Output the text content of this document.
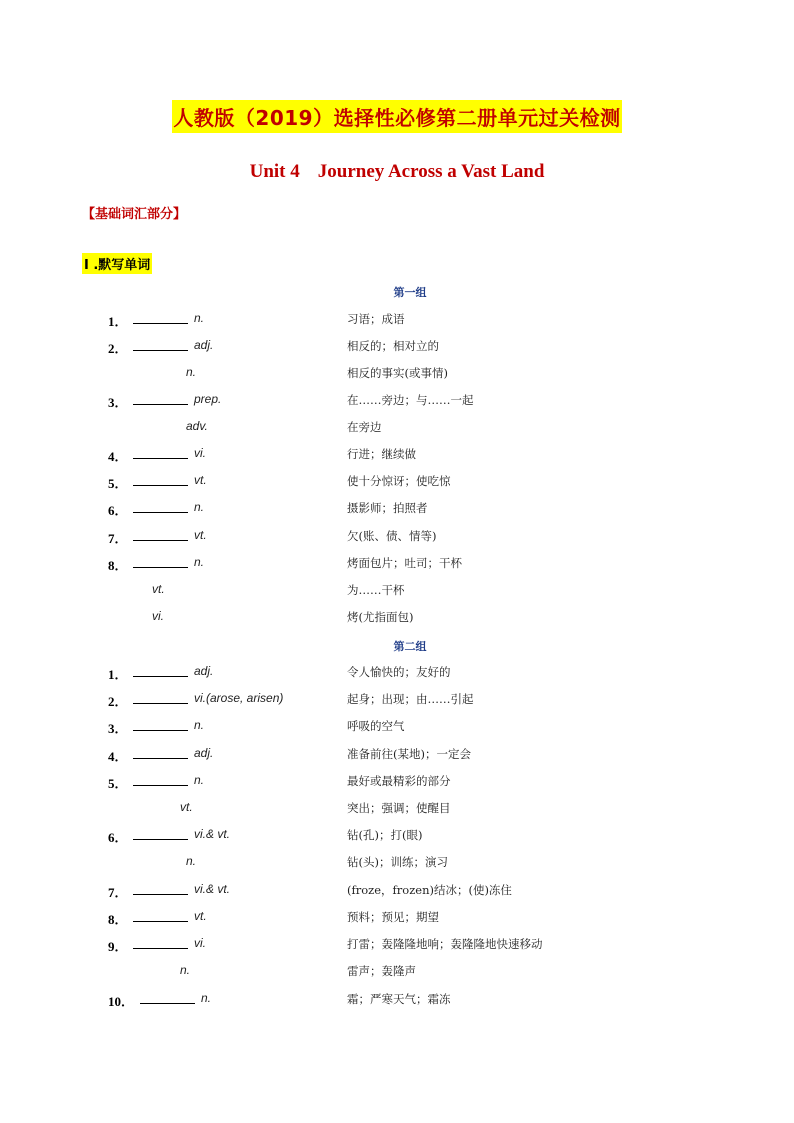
人教版（2019）选择性必修第二册单元过关检测
Unit 4 Journey Across a Vast Land
【基础词汇部分】
I .默写单词
第一组
1．	n.	习语；成语
2．	adj.	相反的；相对立的
n.	相反的事实(或事情)
3．	prep.	在……旁边；与……一起
adv.	在旁边
4．	vi.	行进；继续做
5．	vt.	使十分惊讶；使吃惊
6．	n.	摄影师；拍照者
7．	vt.	欠(账、债、情等)
8．	n.	烤面包片；吐司；干杯
vt.	为……干杯
vi.	烤(尤指面包)
第二组
1．	adj.	令人愉快的；友好的
2．	vi.(arose, arisen)	起身；出现；由……引起
3．	n.	呼吸的空气
4．	adj.	准备前往(某地)；一定会
5．	n.	最好或最精彩的部分
vt.	突出；强调；使醒目
6．	vi.& vt.	钻(孔)；打(眼)
n.	钻(头)；训练；演习
7．	vi.& vt.	(froze，frozen)结冰；(使)冻住
8．	vt.	预料；预见；期望
9．	vi.	打雷；轰隆隆地响；轰隆隆地快速移动
n.	雷声；轰隆声
10．	n.	霜；严寒天气；霜冻
